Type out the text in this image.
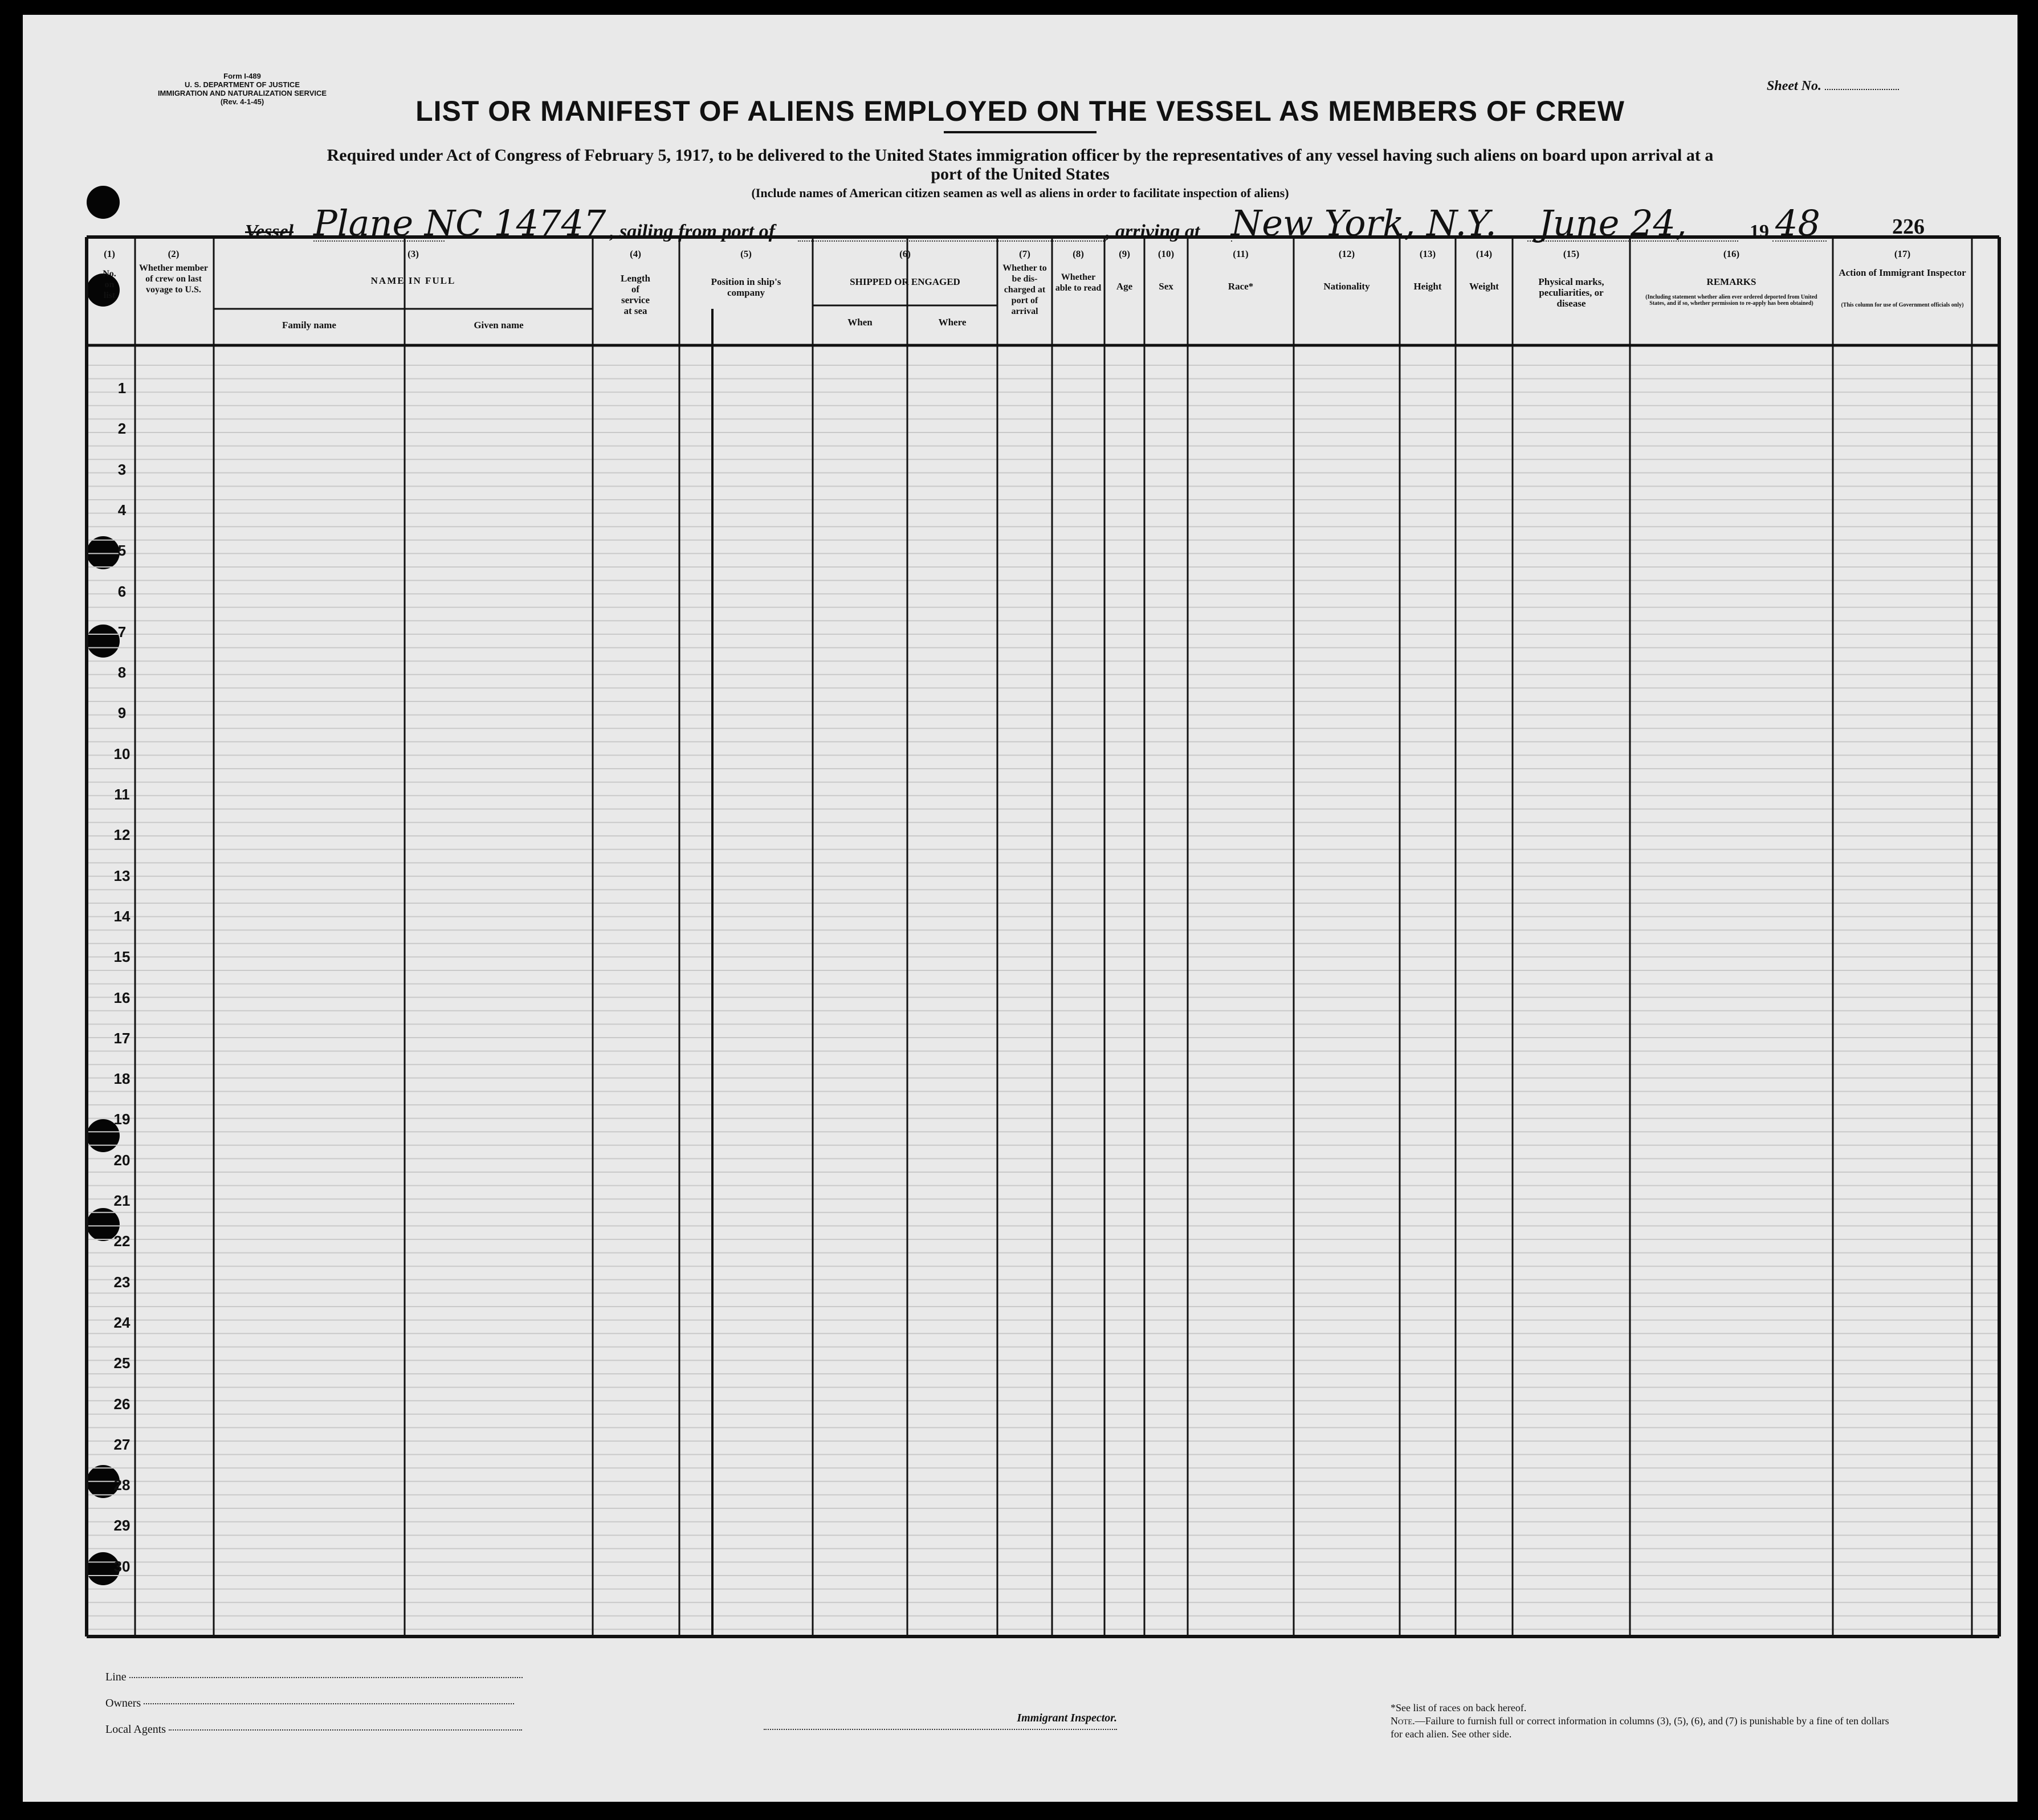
Form I-489
U. S. DEPARTMENT OF JUSTICE
IMMIGRATION AND NATURALIZATION SERVICE
(Rev. 4-1-45)
Sheet No.
LIST OR MANIFEST OF ALIENS EMPLOYED ON THE VESSEL AS MEMBERS OF CREW
Required under Act of Congress of February 5, 1917, to be delivered to the United States immigration officer by the representatives of any vessel having such aliens on board upon arrival at a
port of the United States
(Include names of American citizen seamen as well as aliens in order to facilitate inspection of aliens)
Vessel Plane NC 14747 , sailing from port of	, arriving at New York, N.Y. June 24,	19 48	226
(1)
No. on list
(2)
Whether member of crew on last voyage to U.S.
(3)
NAME IN FULL
Family name	Given name
(4)
Length of service at sea
(5)
Position in ship's company
(6)
SHIPPED OR ENGAGED
When	Where
(7)
Whether to be dis-charged at port of arrival
(8)
Whether able to read
(9)
Age
(10)
Sex
(11)
Race*
(12)
Nationality
(13)
Height
(14)
Weight
(15)
Physical marks, peculiarities, or disease
(16)
REMARKS
(Including statement whether alien ever ordered deported from United States, and if so, whether permission to re-apply has been obtained)
(17)
Action of Immigrant Inspector
(This column for use of Government officials only)
1
2
3
4
5
6
7
8
9
10
11
12
13
14
15
16
17
18
19
20
21
22
23
24
25
26
27
28
29
30
Line
Owners
Local Agents
Immigrant Inspector.
*See list of races on back hereof.
Note.—Failure to furnish full or correct information in columns (3), (5), (6), and (7) is punishable by a fine of ten dollars for each alien. See other side.
